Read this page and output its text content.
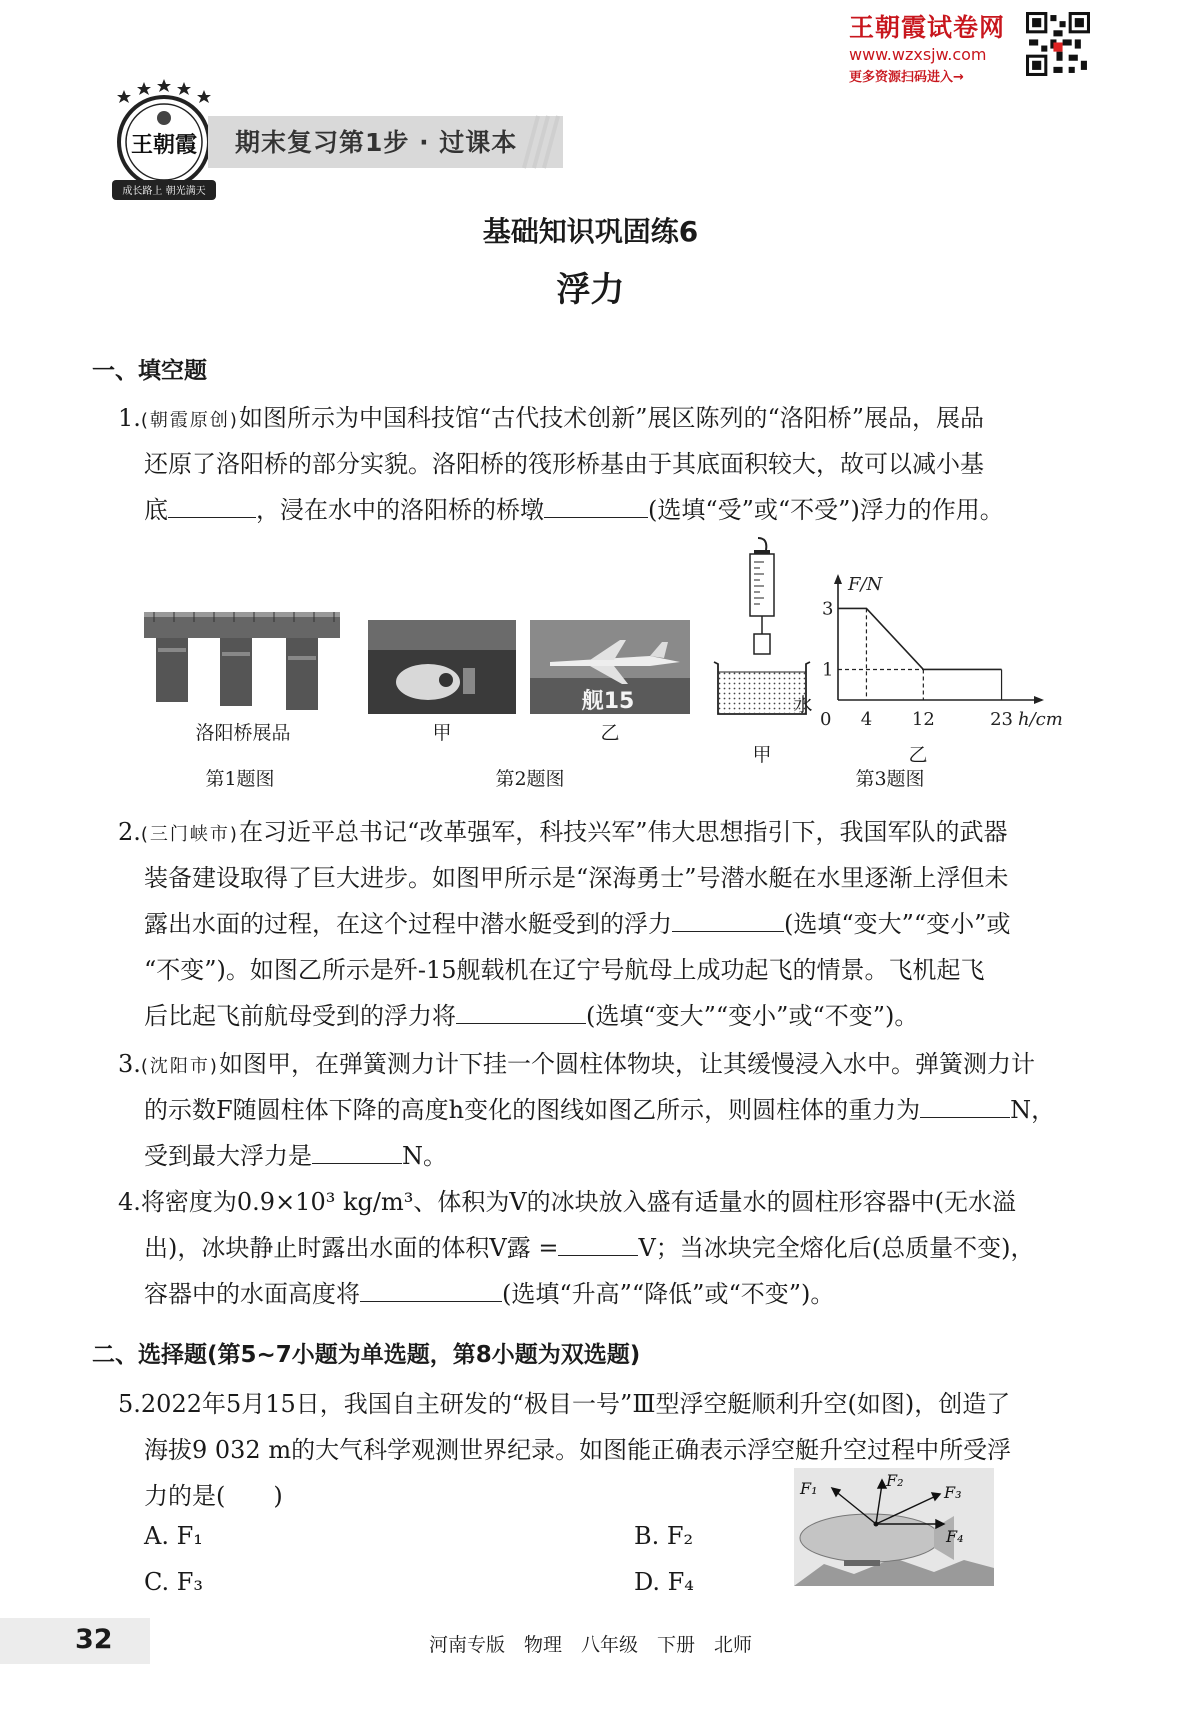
王朝霞试卷网
www.wzxsjw.com
更多资源扫码进入→
王朝霞
成长路上 朝光满天
期末复习第1步 · 过课本
基础知识巩固练6
浮力
一、填空题
1.(朝霞原创)如图所示为中国科技馆“古代技术创新”展区陈列的“洛阳桥”展品，展品
还原了洛阳桥的部分实貌。洛阳桥的筏形桥基由于其底面积较大，故可以减小基
底	，浸在水中的洛阳桥的桥墩	(选填“受”或“不受”)浮力的作用。
洛阳桥展品
第1题图
甲
舰15
乙
第2题图
水
甲
4 12	23
3
1
F/N
0	h/cm
乙
第3题图
2.(三门峡市)在习近平总书记“改革强军，科技兴军”伟大思想指引下，我国军队的武器
装备建设取得了巨大进步。如图甲所示是“深海勇士”号潜水艇在水里逐渐上浮但未
露出水面的过程，在这个过程中潜水艇受到的浮力	(选填“变大”“变小”或
“不变”)。如图乙所示是歼-15舰载机在辽宁号航母上成功起飞的情景。飞机起飞
后比起飞前航母受到的浮力将	(选填“变大”“变小”或“不变”)。
3.(沈阳市)如图甲，在弹簧测力计下挂一个圆柱体物块，让其缓慢浸入水中。弹簧测力计
的示数F随圆柱体下降的高度h变化的图线如图乙所示，则圆柱体的重力为	N，
受到最大浮力是	N。
4.将密度为0.9×10³ kg/m³、体积为V的冰块放入盛有适量水的圆柱形容器中(无水溢
出)，冰块静止时露出水面的体积V露 =	V；当冰块完全熔化后(总质量不变)，
容器中的水面高度将	(选填“升高”“降低”或“不变”)。
二、选择题(第5~7小题为单选题，第8小题为双选题)
5.2022年5月15日，我国自主研发的“极目一号”Ⅲ型浮空艇顺利升空(如图)，创造了
海拔9 032 m的大气科学观测世界纪录。如图能正确表示浮空艇升空过程中所受浮
力的是(　　)
A. F₁	B. F₂
C. F₃	D. F₄
F₁	F₂
F₃
F₄
32	河南专版　物理　八年级　下册　北师
